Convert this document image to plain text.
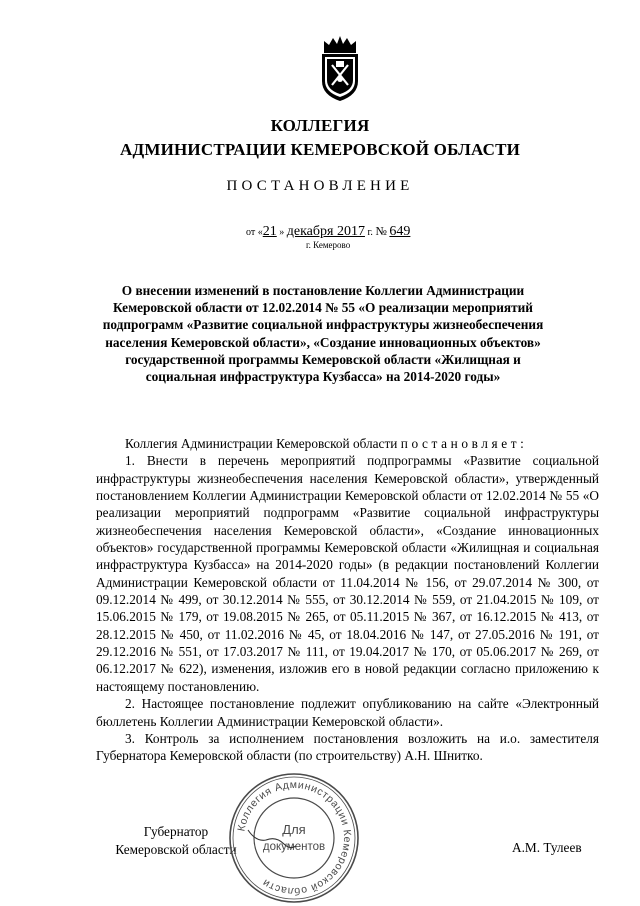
КОЛЛЕГИЯ
АДМИНИСТРАЦИИ КЕМЕРОВСКОЙ ОБЛАСТИ
ПОСТАНОВЛЕНИЕ
от «21 » декабря 2017 г. № 649
г. Кемерово
О внесении изменений в постановление Коллегии Администрации Кемеровской области от 12.02.2014 № 55 «О реализации мероприятий подпрограмм «Развитие социальной инфраструктуры жизнеобеспечения населения Кемеровской области», «Создание инновационных объектов» государственной программы Кемеровской области «Жилищная и социальная инфраструктура Кузбасса» на 2014-2020 годы»

Коллегия Администрации Кемеровской области постановляет:

1. Внести в перечень мероприятий подпрограммы «Развитие социальной инфраструктуры жизнеобеспечения населения Кемеровской области», утвержденный постановлением Коллегии Администрации Кемеровской области от 12.02.2014 № 55 «О реализации мероприятий подпрограмм «Развитие социальной инфраструктуры жизнеобеспечения населения Кемеровской области», «Создание инновационных объектов» государственной программы Кемеровской области «Жилищная и социальная инфраструктура Кузбасса» на 2014-2020 годы» (в редакции постановлений Коллегии Администрации Кемеровской области от 11.04.2014 № 156, от 29.07.2014 № 300, от 09.12.2014 № 499, от 30.12.2014 № 555, от 30.12.2014 № 559, от 21.04.2015 № 109, от 15.06.2015 № 179, от 19.08.2015 № 265, от 05.11.2015 № 367, от 16.12.2015 № 413, от 28.12.2015 № 450, от 11.02.2016 № 45, от 18.04.2016 № 147, от 27.05.2016 № 191, от 29.12.2016 № 551, от 17.03.2017 № 111, от 19.04.2017 № 170, от 05.06.2017 № 269, от 06.12.2017 № 622), изменения, изложив его в новой редакции согласно приложению к настоящему постановлению.

2. Настоящее постановление подлежит опубликованию на сайте «Электронный бюллетень Коллегии Администрации Кемеровской области».

3. Контроль за исполнением постановления возложить на и.о. заместителя Губернатора Кемеровской области (по строительству) А.Н. Шнитко.

Губернатор
Кемеровской области	А.М. Тулеев
Коллегия Администрации Кемеровской области
Для
документов
